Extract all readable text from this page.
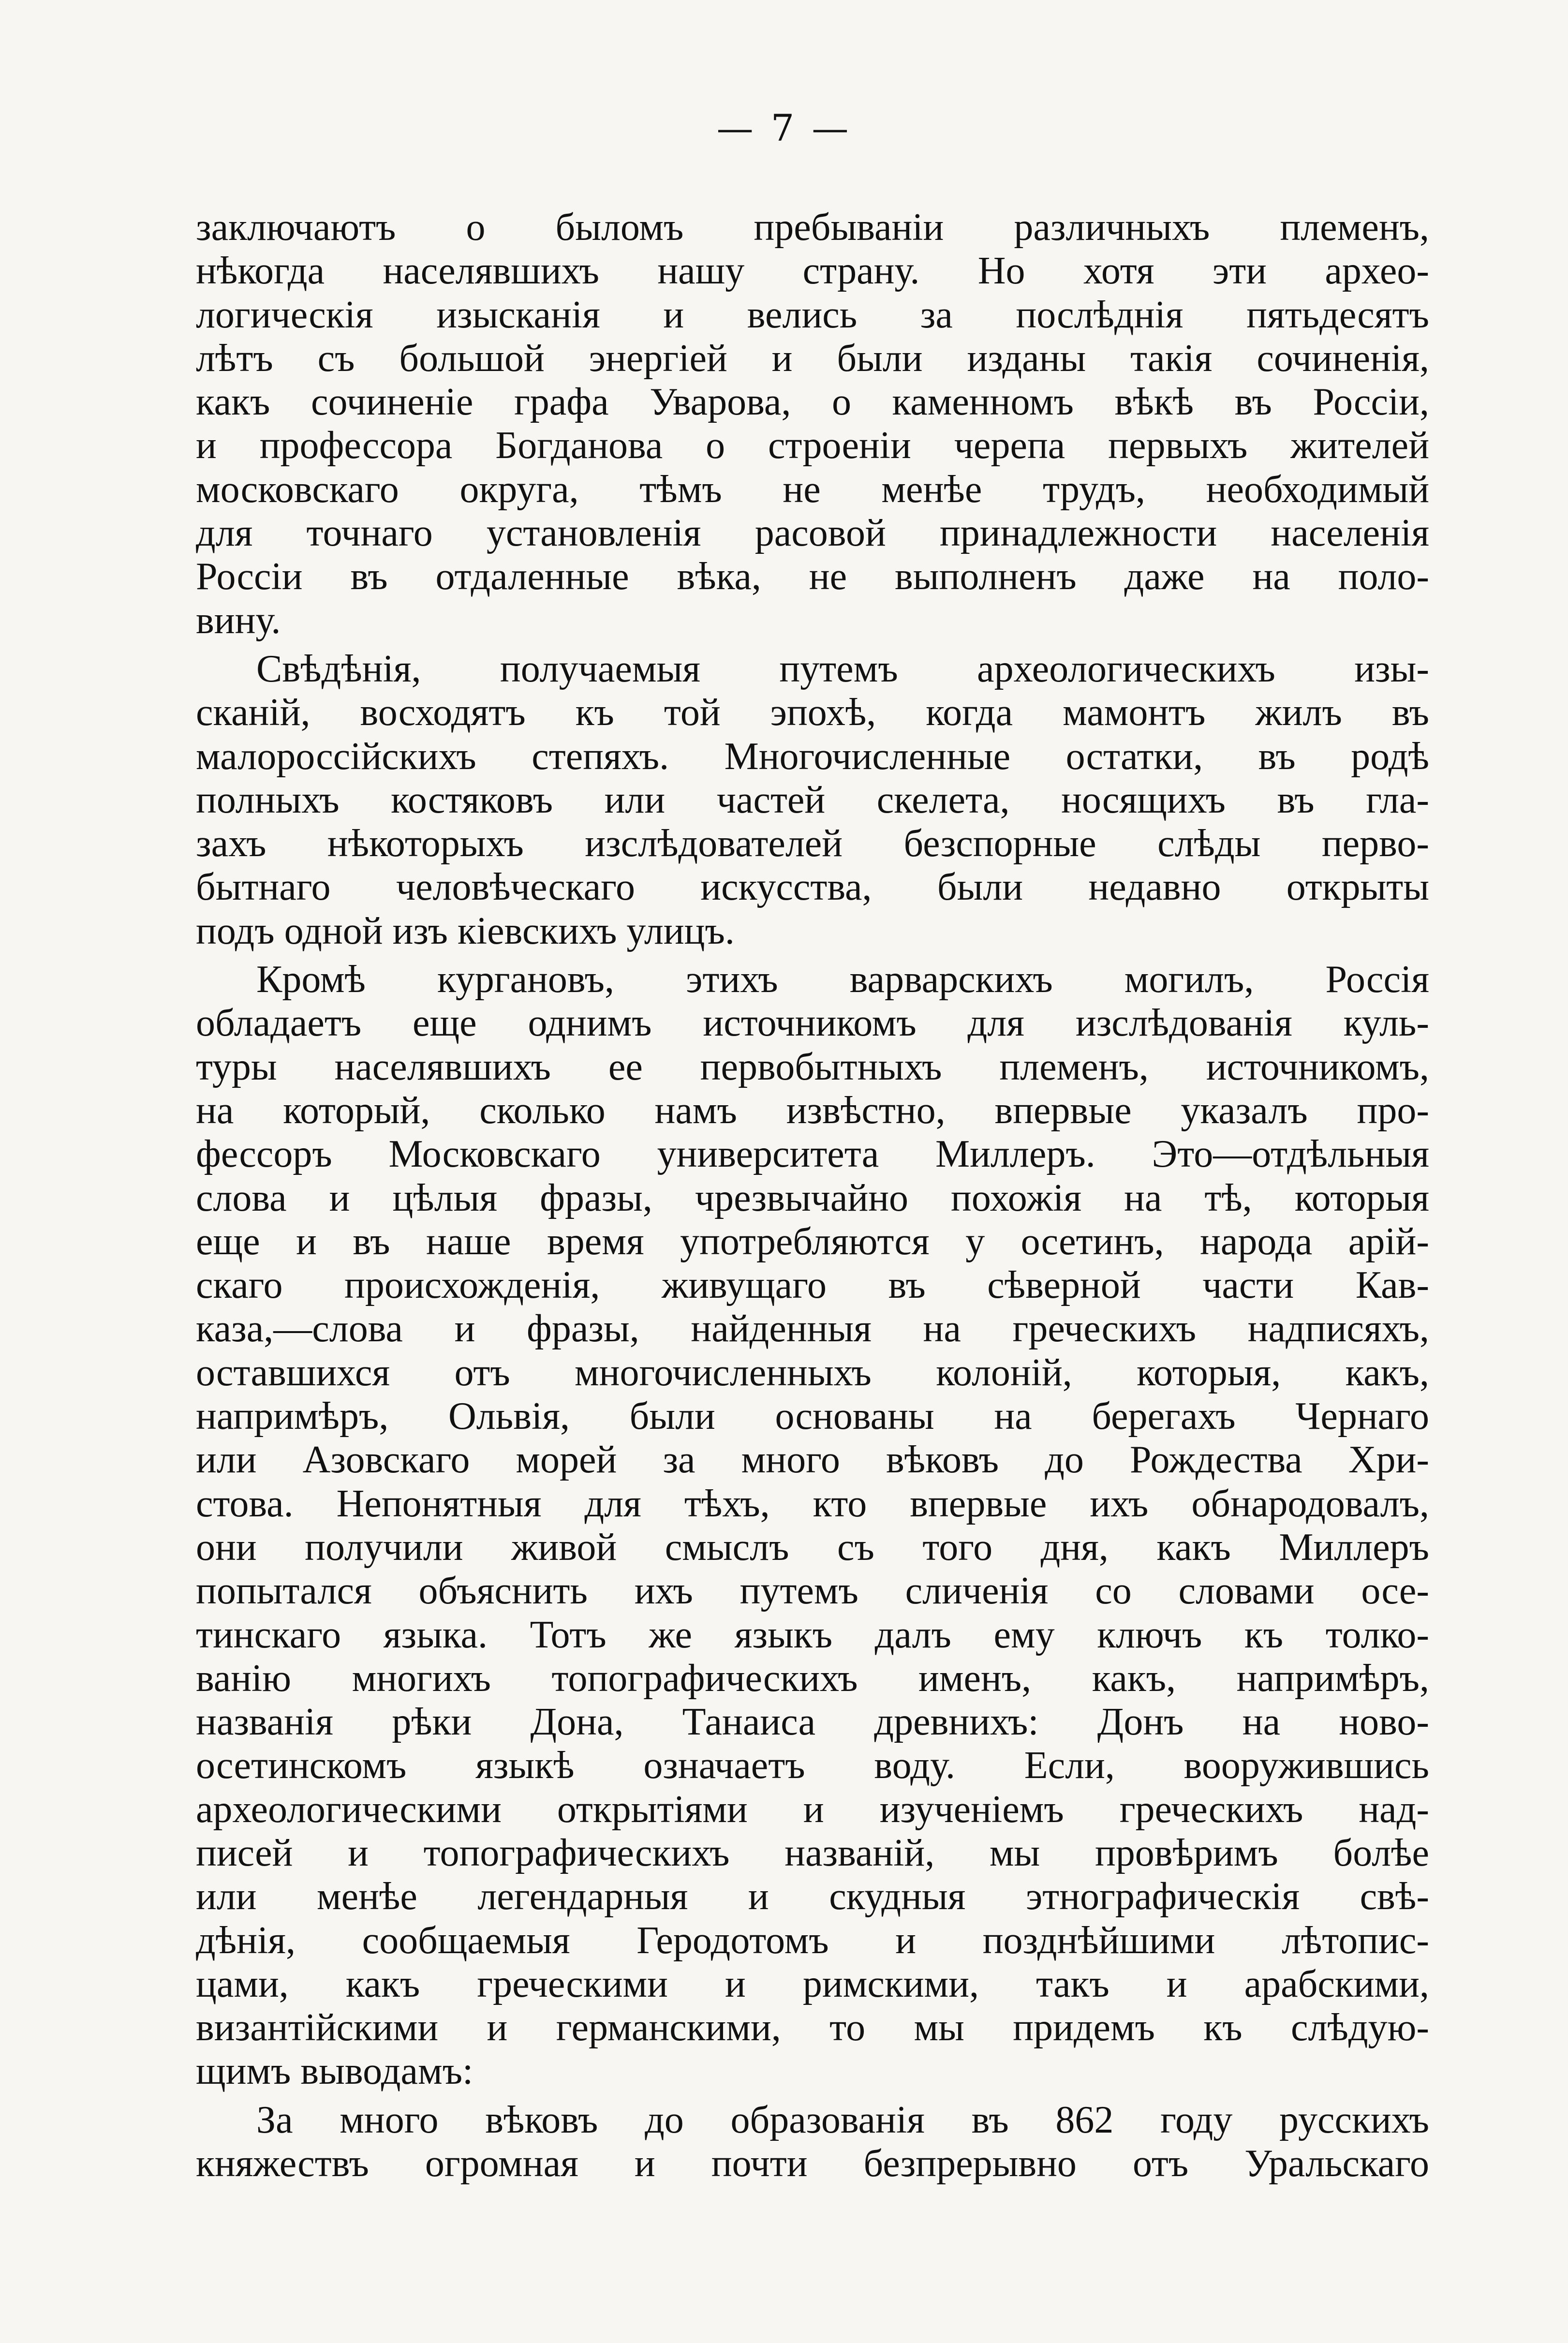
— 7 —

заключаютъ о быломъ пребываніи различныхъ племенъ,
нѣкогда населявшихъ нашу страну. Но хотя эти архео-
логическія изысканія и велись за послѣднія пятьдесятъ
лѣтъ съ большой энергіей и были изданы такія сочиненія,
какъ сочиненіе графа Уварова, о каменномъ вѣкѣ въ Россіи,
и профессора Богданова о строеніи черепа первыхъ жителей
московскаго округа, тѣмъ не менѣе трудъ, необходимый
для точнаго установленія расовой принадлежности населенія
Россіи въ отдаленные вѣка, не выполненъ даже на поло-
вину.

Свѣдѣнія, получаемыя путемъ археологическихъ изы-
сканій, восходятъ къ той эпохѣ, когда мамонтъ жилъ въ
малороссійскихъ степяхъ. Многочисленные остатки, въ родѣ
полныхъ костяковъ или частей скелета, носящихъ въ гла-
захъ нѣкоторыхъ изслѣдователей безспорные слѣды перво-
бытнаго человѣческаго искусства, были недавно открыты
подъ одной изъ кіевскихъ улицъ.

Кромѣ кургановъ, этихъ варварскихъ могилъ, Россія
обладаетъ еще однимъ источникомъ для изслѣдованія куль-
туры населявшихъ ее первобытныхъ племенъ, источникомъ,
на который, сколько намъ извѣстно, впервые указалъ про-
фессоръ Московскаго университета Миллеръ. Это—отдѣльныя
слова и цѣлыя фразы, чрезвычайно похожія на тѣ, которыя
еще и въ наше время употребляются у осетинъ, народа арій-
скаго происхожденія, живущаго въ сѣверной части Кав-
каза,—слова и фразы, найденныя на греческихъ надписяхъ,
оставшихся отъ многочисленныхъ колоній, которыя, какъ,
напримѣръ, Ольвія, были основаны на берегахъ Чернаго
или Азовскаго морей за много вѣковъ до Рождества Хри-
стова. Непонятныя для тѣхъ, кто впервые ихъ обнародовалъ,
они получили живой смыслъ съ того дня, какъ Миллеръ
попытался объяснить ихъ путемъ сличенія со словами осе-
тинскаго языка. Тотъ же языкъ далъ ему ключъ къ толко-
ванію многихъ топографическихъ именъ, какъ, напримѣръ,
названія рѣки Дона, Танаиса древнихъ: Донъ на ново-
осетинскомъ языкѣ означаетъ воду. Если, вооружившись
археологическими открытіями и изученіемъ греческихъ над-
писей и топографическихъ названій, мы провѣримъ болѣе
или менѣе легендарныя и скудныя этнографическія свѣ-
дѣнія, сообщаемыя Геродотомъ и позднѣйшими лѣтопис-
цами, какъ греческими и римскими, такъ и арабскими,
византійскими и германскими, то мы придемъ къ слѣдую-
щимъ выводамъ:

За много вѣковъ до образованія въ 862 году русскихъ
княжествъ огромная и почти безпрерывно отъ Уральскаго
